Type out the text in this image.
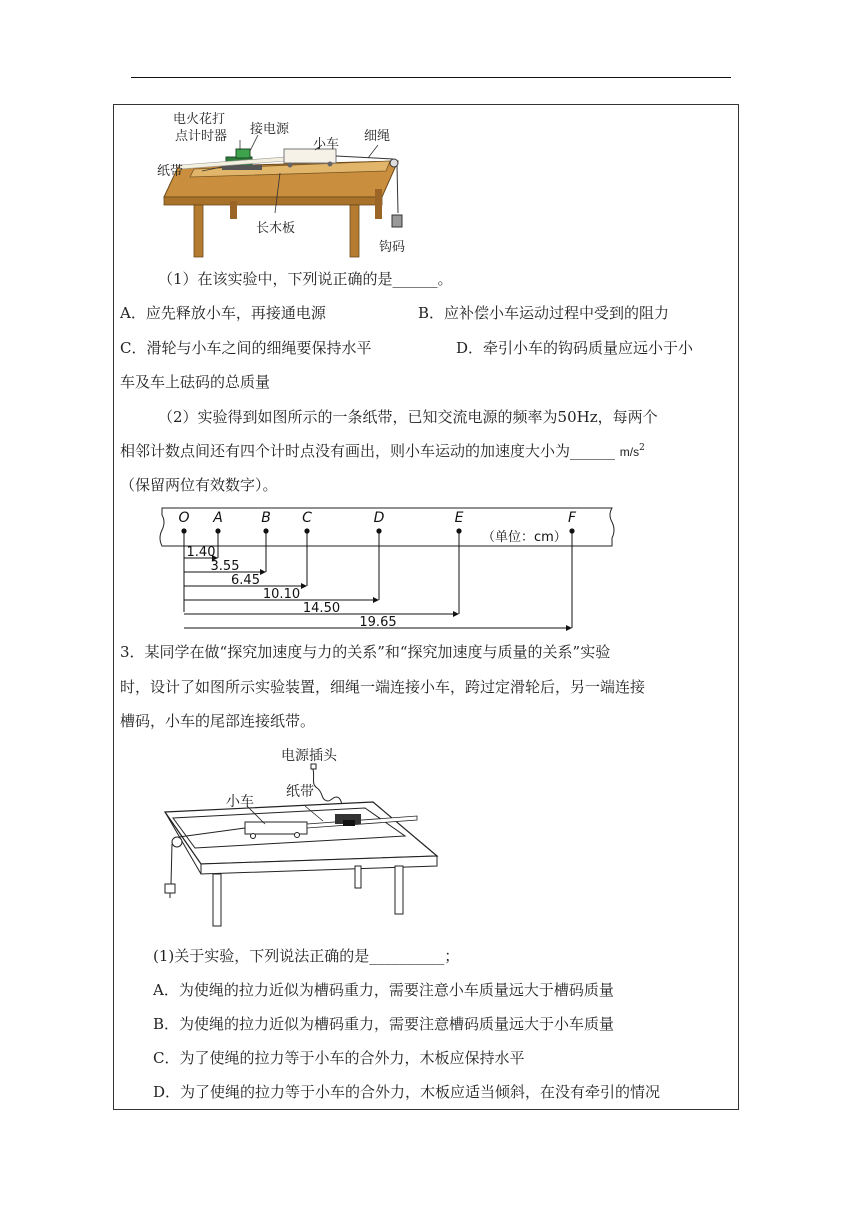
电火花打
点计时器 接电源
小车
细绳
纸带
长木板
钩码
（1）在该实验中，下列说正确的是______。
A．应先释放小车，再接通电源	B．应补偿小车运动过程中受到的阻力
C．滑轮与小车之间的细绳要保持水平	D．牵引小车的钩码质量应远小于小
车及车上砝码的总质量
（2）实验得到如图所示的一条纸带，已知交流电源的频率为50Hz，每两个
相邻计数点间还有四个计时点没有画出，则小车运动的加速度大小为______ $m/s^2$
（保留两位有效数字）。
O A	B C	D	E	F
（单位：cm）
1.40
3.55
6.45
10.10
14.50
19.65
3．某同学在做“探究加速度与力的关系”和“探究加速度与质量的关系”实验
时，设计了如图所示实验装置，细绳一端连接小车，跨过定滑轮后，另一端连接
槽码，小车的尾部连接纸带。
电源插头
小车
纸带
(1)关于实验，下列说法正确的是__________；
A．为使绳的拉力近似为槽码重力，需要注意小车质量远大于槽码质量
B．为使绳的拉力近似为槽码重力，需要注意槽码质量远大于小车质量
C．为了使绳的拉力等于小车的合外力，木板应保持水平
D．为了使绳的拉力等于小车的合外力，木板应适当倾斜，在没有牵引的情况
